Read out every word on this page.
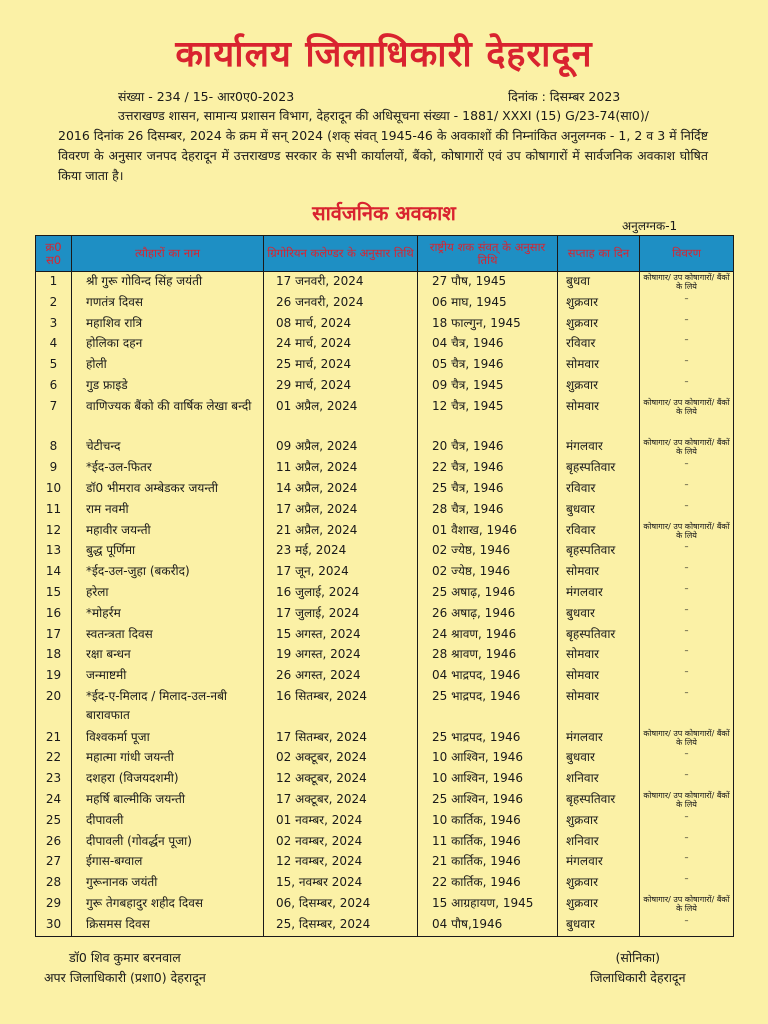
कार्यालय जिलाधिकारी देहरादून
संख्या - 234 / 15- आर0ए0-2023	दिनांक : दिसम्बर 2023
उत्तराखण्ड शासन, सामान्य प्रशासन विभाग, देहरादून की अधिसूचना संख्या - 1881/ XXXI (15) G/23-74(सा0)/
2016 दिनांक 26 दिसम्बर, 2024 के क्रम में सन् 2024 (शक् संवत् 1945-46 के अवकाशों की निम्नांकित अनुलग्नक - 1, 2 व 3 में निर्दिष्ट विवरण के अनुसार जनपद देहरादून में उत्तराखण्ड सरकार के सभी कार्यालयों, बैंको, कोषागारों एवं उप कोषागारों में सार्वजनिक अवकाश घोषित किया जाता है।
सार्वजनिक अवकाश
अनुलग्नक-1
क्र0 स0	त्यौहारों का नाम	ग्रिगोरियन कलेण्डर के अनुसार तिथि	राष्ट्रीय शक संवत् के अनुसार तिथि	सप्ताह का दिन	विवरण
1	श्री गुरू गोविन्द सिंह जयंती	17 जनवरी, 2024	27 पौष, 1945	बुधवा	कोषागार/ उप कोषागारों/ बैंकों के लिये
2	गणतंत्र दिवस	26 जनवरी, 2024	06 माघ, 1945	शुक्रवार	–
3	महाशिव रात्रि	08 मार्च, 2024	18 फाल्गुन, 1945	शुक्रवार	–
4	होलिका दहन	24 मार्च, 2024	04 चैत्र, 1946	रविवार	–
5	होली	25 मार्च, 2024	05 चैत्र, 1946	सोमवार	–
6	गुड फ्राइडे	29 मार्च, 2024	09 चैत्र, 1945	शुक्रवार	–
7	वाणिज्यक बैंको की वार्षिक लेखा बन्दी	01 अप्रैल, 2024	12 चैत्र, 1945	सोमवार	कोषागार/ उप कोषागारों/ बैंकों के लिये
8	चेटीचन्द	09 अप्रैल, 2024	20 चैत्र, 1946	मंगलवार	कोषागार/ उप कोषागारों/ बैंकों के लिये
9	*ईद-उल-फितर	11 अप्रैल, 2024	22 चैत्र, 1946	बृहस्पतिवार	–
10	डॉ0 भीमराव अम्बेडकर जयन्ती	14 अप्रैल, 2024	25 चैत्र, 1946	रविवार	–
11	राम नवमी	17 अप्रैल, 2024	28 चैत्र, 1946	बुधवार	–
12	महावीर जयन्ती	21 अप्रैल, 2024	01 वैशाख, 1946	रविवार	कोषागार/ उप कोषागारों/ बैंकों के लिये
13	बुद्ध पूर्णिमा	23 मई, 2024	02 ज्येष्ठ, 1946	बृहस्पतिवार	–
14	*ईद-उल-जुहा (बकरीद)	17 जून, 2024	02 ज्येष्ठ, 1946	सोमवार	–
15	हरेला	16 जुलाई, 2024	25 अषाढ़, 1946	मंगलवार	–
16	*मोहर्रम	17 जुलाई, 2024	26 अषाढ़, 1946	बुधवार	–
17	स्वतन्त्रता दिवस	15 अगस्त, 2024	24 श्रावण, 1946	बृहस्पतिवार	–
18	रक्षा बन्धन	19 अगस्त, 2024	28 श्रावण, 1946	सोमवार	–
19	जन्माष्टमी	26 अगस्त, 2024	04 भाद्रपद, 1946	सोमवार	–
20	*ईद-ए-मिलाद / मिलाद-उल-नबी बारावफात	16 सितम्बर, 2024	25 भाद्रपद, 1946	सोमवार	–
21	विश्वकर्मा पूजा	17 सितम्बर, 2024	25 भाद्रपद, 1946	मंगलवार	कोषागार/ उप कोषागारों/ बैंकों के लिये
22	महात्मा गांधी जयन्ती	02 अक्टूबर, 2024	10 आश्विन, 1946	बुधवार	–
23	दशहरा (विजयदशमी)	12 अक्टूबर, 2024	10 आश्विन, 1946	शनिवार	–
24	महर्षि बाल्मीकि जयन्ती	17 अक्टूबर, 2024	25 आश्विन, 1946	बृहस्पतिवार	कोषागार/ उप कोषागारों/ बैंकों के लिये
25	दीपावली	01 नवम्बर, 2024	10 कार्तिक, 1946	शुक्रवार	–
26	दीपावली (गोवर्द्धन पूजा)	02 नवम्बर, 2024	11 कार्तिक, 1946	शनिवार	–
27	ईगास-बग्वाल	12 नवम्बर, 2024	21 कार्तिक, 1946	मंगलवार	–
28	गुरूनानक जयंती	15, नवम्बर 2024	22 कार्तिक, 1946	शुक्रवार	–
29	गुरू तेगबहादुर शहीद दिवस	06, दिसम्बर, 2024	15 आग्रहायण, 1945	शुक्रवार	कोषागार/ उप कोषागारों/ बैंकों के लिये
30	क्रिसमस दिवस	25, दिसम्बर, 2024	04 पौष,1946	बुधवार	–
डॉ0 शिव कुमार बरनवाल
अपर जिलाधिकारी (प्रशा0) देहरादून
(सोनिका)
जिलाधिकारी देहरादून
